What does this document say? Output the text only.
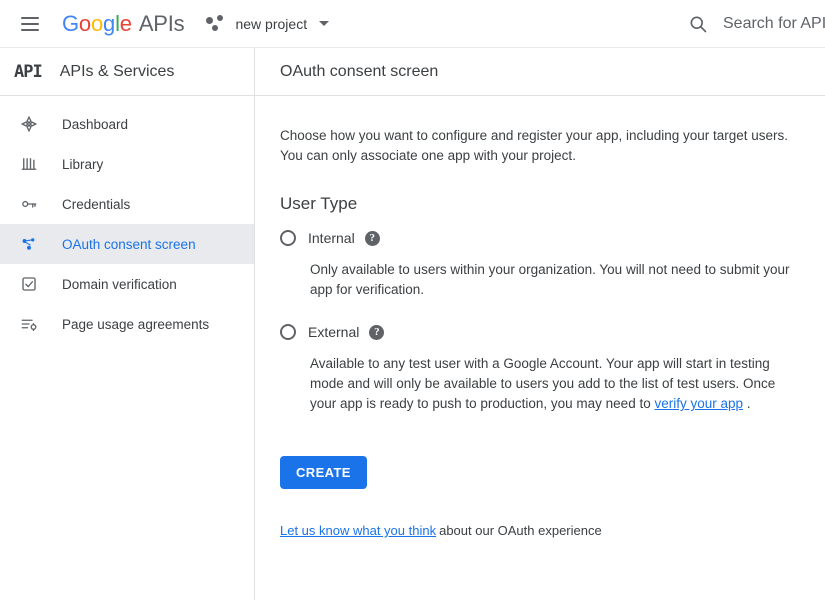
G o o g l e APIs	new project
Search for APIs & Services
API APIs & Services
Dashboard
Library
Credentials
OAuth consent screen
Domain verification
Page usage agreements
OAuth consent screen

Choose how you want to configure and register your app, including your target users. You can only associate one app with your project.

User Type
Internal	?
Only available to users within your organization. You will not need to submit your app for verification.
External	?
Available to any test user with a Google Account. Your app will start in testing mode and will only be available to users you add to the list of test users. Once your app is ready to push to production, you may need to verify your app .
CREATE
Let us know what you think about our OAuth experience
